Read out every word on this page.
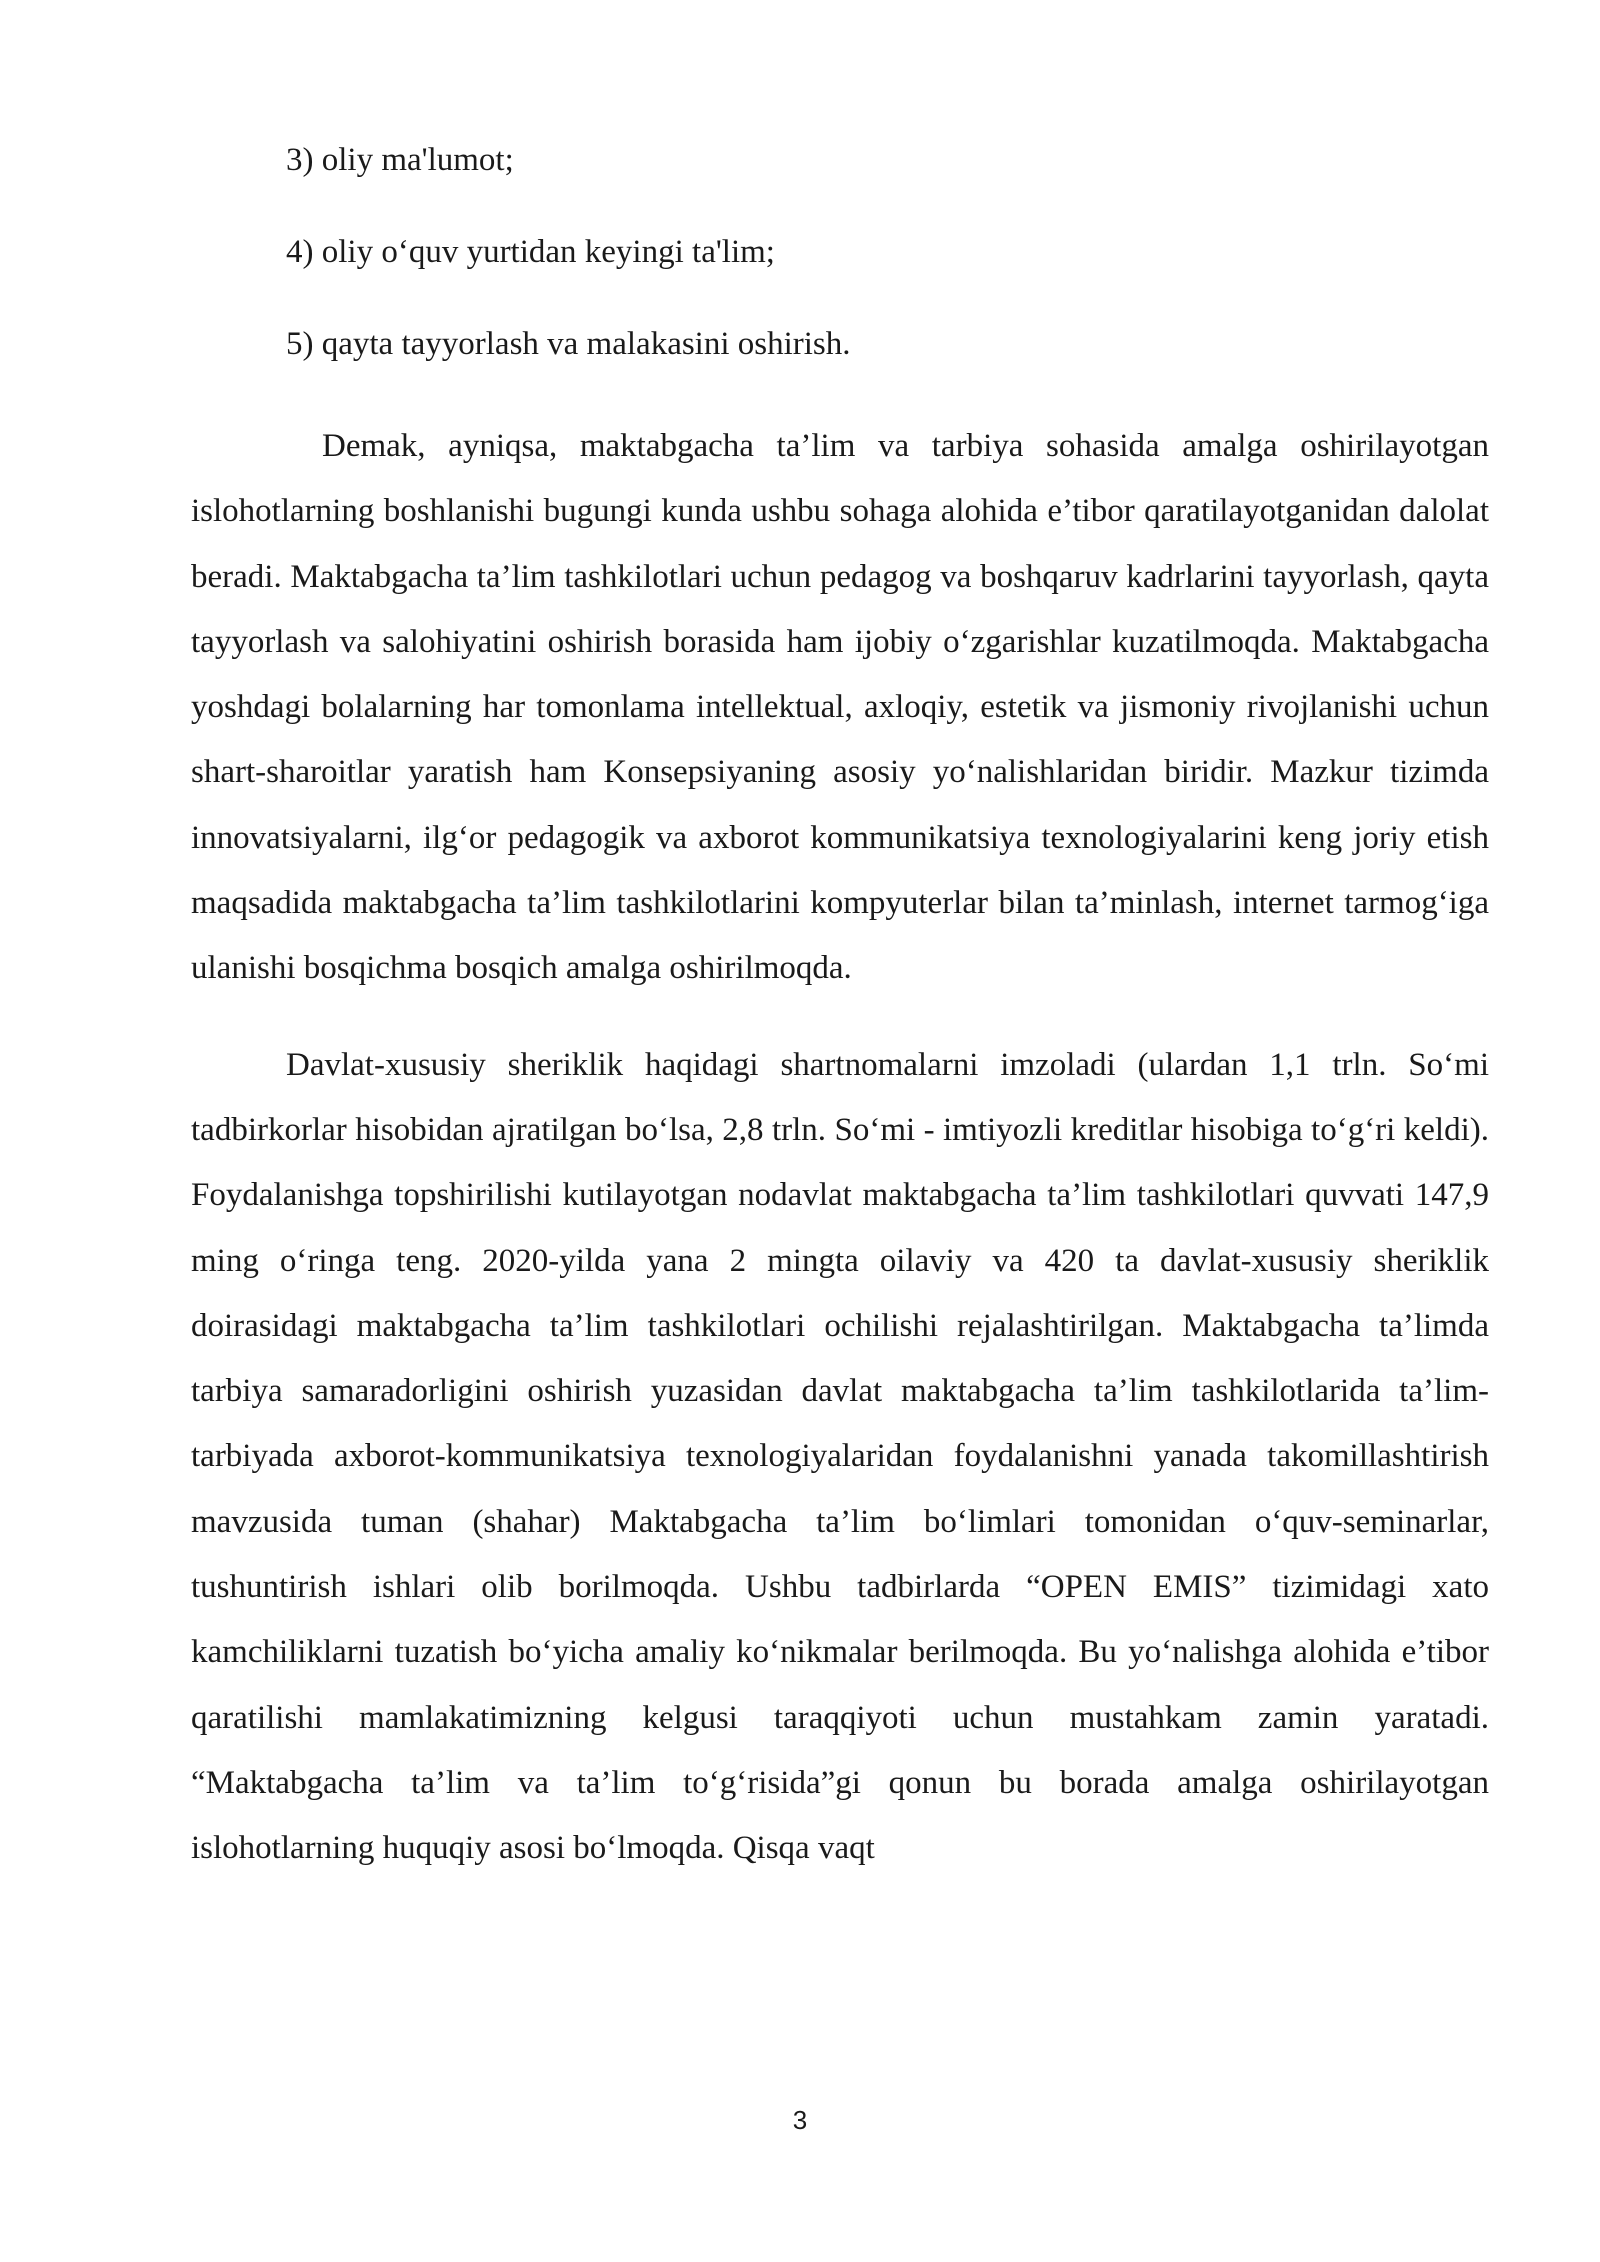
3) oliy ma'lumot;

4) oliy o‘quv yurtidan keyingi ta'lim;

5) qayta tayyorlash va malakasini oshirish.

Demak, ayniqsa, maktabgacha ta’lim va tarbiya sohasida amalga oshirilayotgan islohotlarning boshlanishi bugungi kunda ushbu sohaga alohida e’tibor qaratilayotganidan dalolat beradi. Maktabgacha ta’lim tashkilotlari uchun pedagog va boshqaruv kadrlarini tayyorlash, qayta tayyorlash va salohiyatini oshirish borasida ham ijobiy o‘zgarishlar kuzatilmoqda. Maktabgacha yoshdagi bolalarning har tomonlama intellektual, axloqiy, estetik va jismoniy rivojlanishi uchun shart-sharoitlar yaratish ham Konsepsiyaning asosiy yo‘nalishlaridan biridir. Mazkur tizimda innovatsiyalarni, ilg‘or pedagogik va axborot kommunikatsiya texnologiyalarini keng joriy etish maqsadida maktabgacha ta’lim tashkilotlarini kompyuterlar bilan ta’minlash, internet tarmog‘iga ulanishi bosqichma bosqich amalga oshirilmoqda.

Davlat-xususiy sheriklik haqidagi shartnomalarni imzoladi (ulardan 1,1 trln. So‘mi tadbirkorlar hisobidan ajratilgan bo‘lsa, 2,8 trln. So‘mi - imtiyozli kreditlar hisobiga to‘g‘ri keldi). Foydalanishga topshirilishi kutilayotgan nodavlat maktabgacha ta’lim tashkilotlari quvvati 147,9 ming o‘ringa teng. 2020-yilda yana 2 mingta oilaviy va 420 ta davlat-xususiy sheriklik doirasidagi maktabgacha ta’lim tashkilotlari ochilishi rejalashtirilgan. Maktabgacha ta’limda tarbiya samaradorligini oshirish yuzasidan davlat maktabgacha ta’lim tashkilotlarida ta’lim-tarbiyada axborot-kommunikatsiya texnologiyalaridan foydalanishni yanada takomillashtirish mavzusida tuman (shahar) Maktabgacha ta’lim bo‘limlari tomonidan o‘quv-seminarlar, tushuntirish ishlari olib borilmoqda. Ushbu tadbirlarda “OPEN EMIS” tizimidagi xato kamchiliklarni tuzatish bo‘yicha amaliy ko‘nikmalar berilmoqda. Bu yo‘nalishga alohida e’tibor qaratilishi mamlakatimizning kelgusi taraqqiyoti uchun mustahkam zamin yaratadi. “Maktabgacha ta’lim va ta’lim to‘g‘risida”gi qonun bu borada amalga oshirilayotgan islohotlarning huquqiy asosi bo‘lmoqda. Qisqa vaqt

3
